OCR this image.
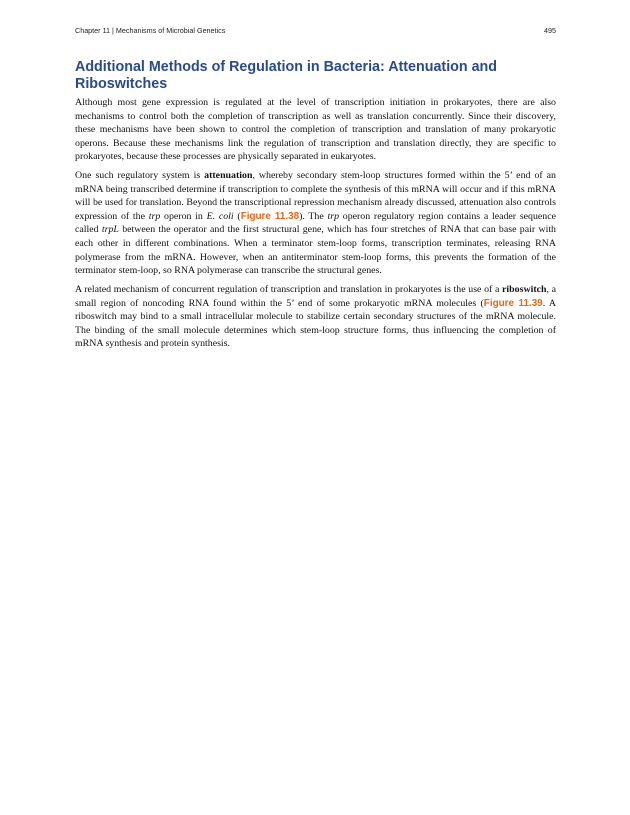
Chapter 11 | Mechanisms of Microbial Genetics	495
Additional Methods of Regulation in Bacteria: Attenuation and Riboswitches

Although most gene expression is regulated at the level of transcription initiation in prokaryotes, there are also mechanisms to control both the completion of transcription as well as translation concurrently. Since their discovery, these mechanisms have been shown to control the completion of transcription and translation of many prokaryotic operons. Because these mechanisms link the regulation of transcription and translation directly, they are specific to prokaryotes, because these processes are physically separated in eukaryotes.

One such regulatory system is attenuation, whereby secondary stem-loop structures formed within the 5’ end of an mRNA being transcribed determine if transcription to complete the synthesis of this mRNA will occur and if this mRNA will be used for translation. Beyond the transcriptional repression mechanism already discussed, attenuation also controls expression of the trp operon in E. coli (Figure 11.38). The trp operon regulatory region contains a leader sequence called trpL between the operator and the first structural gene, which has four stretches of RNA that can base pair with each other in different combinations. When a terminator stem-loop forms, transcription terminates, releasing RNA polymerase from the mRNA. However, when an antiterminator stem-loop forms, this prevents the formation of the terminator stem-loop, so RNA polymerase can transcribe the structural genes.

A related mechanism of concurrent regulation of transcription and translation in prokaryotes is the use of a riboswitch, a small region of noncoding RNA found within the 5’ end of some prokaryotic mRNA molecules (Figure 11.39. A riboswitch may bind to a small intracellular molecule to stabilize certain secondary structures of the mRNA molecule. The binding of the small molecule determines which stem-loop structure forms, thus influencing the completion of mRNA synthesis and protein synthesis.
